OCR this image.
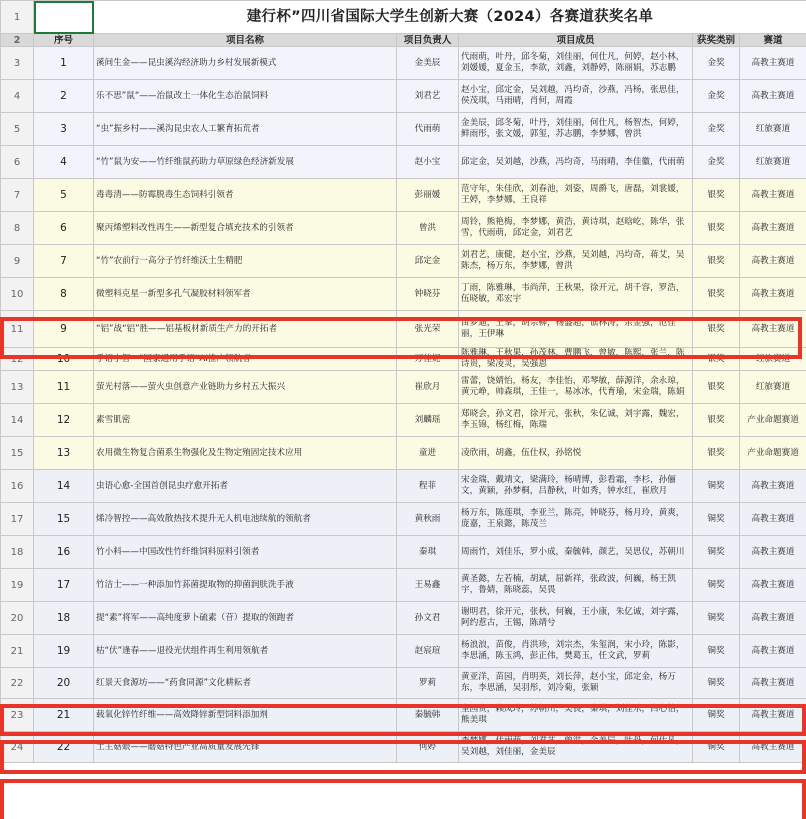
1		建行杯”四川省国际大学生创新大赛（2024）各赛道获奖名单				
2	序号	项目名称	项目负责人	项目成员	获奖类别	赛道
3	1	溪间生金——昆虫溪沟经济助力乡村发展新模式	金美辰	代雨萌，叶丹，邱冬菊，刘佳丽，何仕凡，何婷，赵小林，刘媛媛，夏金玉，李欲，刘鑫，刘静婷，陈丽娟，苏志鹏	金奖	高教主赛道
4	2	乐不思”鼠“——治鼠改土一体化生态治鼠饲料	刘君艺	赵小宝，邱定金，吴刘越，冯均奇，沙燕，冯杨，张思佳，侯茂琪，马雨晴，肖何，周霞	金奖	高教主赛道
5	3	“虫”振乡村——溪沟昆虫农人工繁育拓荒者	代雨萌	金美辰，邱冬菊，叶丹，刘佳丽，何仕凡，杨智杰，何婷，鲜雨彤，张文媛，郭玺，苏志鹏，李梦娜，曾洪	金奖	红旅赛道
6	4	“竹”鼠为安——竹纤维鼠药助力草原绿色经济新发展	赵小宝	邱定金，吴刘越，沙燕，冯均奇，马雨晴，李佳徽，代雨萌	金奖	红旅赛道
7	5	毒毒清——防霉脱毒生态饲料引领者	彭丽媛	范守年，朱佳欣，刘春池，刘姿，周爵飞，唐磊，刘裳媛，王婷，李梦娜，王良祥	银奖	高教主赛道
8	6	聚丙烯塑料改性再生——新型复合填充技术的引领者	曾洪	周铃，熊艳梅，李梦娜，黄浩，黄诗琪，赵晗屹，陈华，张雪，代雨萌，邱定金，刘君艺	银奖	高教主赛道
9	7	“竹”农前行一高分子竹纤维沃土生精肥	邱定金	刘君艺，康健，赵小宝，沙燕，吴刘越，冯均奇，蒋艾，吴陈杰，杨万东，李梦娜，曾洪	银奖	高教主赛道
10	8	微塑料克星一新型多孔气凝胶材料领军者	钟晓芬	丁雨，陈雅琳，韦尚萍，王秋果，徐开元，胡千容，罗浩，伍晓敏，邓宏宇	银奖	高教主赛道
11	9	“铝”战“铝”胜——铝基板材新质生产力的开拓者	张光荣	苗梦迪，王擎，胡宗柳，杨盛超，谯林涛，余金强，范佳丽，王伊琳	银奖	高教主赛道
12	10	手语小智一”国家通用手语“AI推广领航者	万佳妮	陈雅琳，王秋果，孙茂林，曹鹏飞，曾敏，陈熙，张兰，陈诗贵，梁凌灵，吴强恩	银奖	红旅赛道
13	11	萤光村落——萤火虫创意产业链助力乡村五大振兴	崔欣月	雷蕾，饶婧怡，杨友，李佳怡，邓琴敏，薛源洋，余永琼，黄元峥，帅森琪，王佳一，易冰冰，代育瑜，宋金瑞，陈娟	银奖	红旅赛道
14	12	素雪肌密	刘麟瑶	郑晓会，孙文君，徐开元，张秋，朱亿诚，刘宇露，魏宏，李玉锦，杨红梅，陈瑞	银奖	产业命题赛道
15	13	农用微生物复合菌系生物强化及生物定殖固定技术应用	童进	凌欣雨，胡鑫，伍仕权，孙铭悦	银奖	产业命题赛道
16	14	虫语心愈-全国首创昆虫疗愈开拓者	程菲	宋金瑞，戴靖文，梁满玲，杨晴博，彭看霜，李杉，孙俪文，黄颖，孙梦桐，吕静秋，叶如秀，钟水红，崔欣月	铜奖	高教主赛道
17	15	烯冷智控——高效散热技术提升无人机电池续航的领航者	黄秋雨	杨万东，陈莲琪，李亚兰，陈亮，钟晓芬，杨月玲，黄爽，庞嘉，王泉懿，陈茂兰	铜奖	高教主赛道
18	16	竹小料——中国改性竹纤维饲料原料引领者	秦琪	周雨竹，刘佳乐，罗小成，秦毓韩，颜艺，吴思仪，苏朝川	铜奖	高教主赛道
19	17	竹洁士——一种添加竹荪菌提取物的抑菌润肤洗手液	王易鑫	黄圣懿，左若楠，胡斌，屈新祥，张政波，何巍，杨王凯宇，鲁婧，陈晓蕊，吴畏	铜奖	高教主赛道
20	18	提“素”将军——高纯度萝卜硫素（苷）提取的领跑者	孙文君	谢明君，徐开元，张秋，何巍，王小康，朱亿诚，刘宇露，阿约惹古，王锡，陈靖兮	铜奖	高教主赛道
21	19	枯“伏”逢春——退役光伏组件再生利用领航者	赵宸瑄	杨浪浪，苗俊，肖洪珍，刘宗杰，朱玺润，宋小玲，陈影，李思涵，陈玉鸿，彭正伟，樊葛玉，任文武，罗莉	铜奖	高教主赛道
22	20	红景天食源坊——“药食同源”文化耕耘者	罗莉	黄亚洋，苗园，肖明英，刘长萍，赵小宝，邱定金，杨万东，李思涵，吴羽彤，刘冷菊，张颖	铜奖	高教主赛道
23	21	载氧化锌竹纤维——高效降锌新型饲料添加剂	秦毓韩	奎园贵，赖凤玲，苏朝川，吴畏，秦琪，刘佳乐，白心怡，熊美琪	铜奖	高教主赛道
24	22	土主菇娘——蘑菇特色产业高质量发展先锋	何婷	李梦娜，代雨萌，刘君艺，曾洪，金美辰，叶丹，何仕凡，吴刘越，刘佳丽，金美辰	铜奖	高教主赛道
